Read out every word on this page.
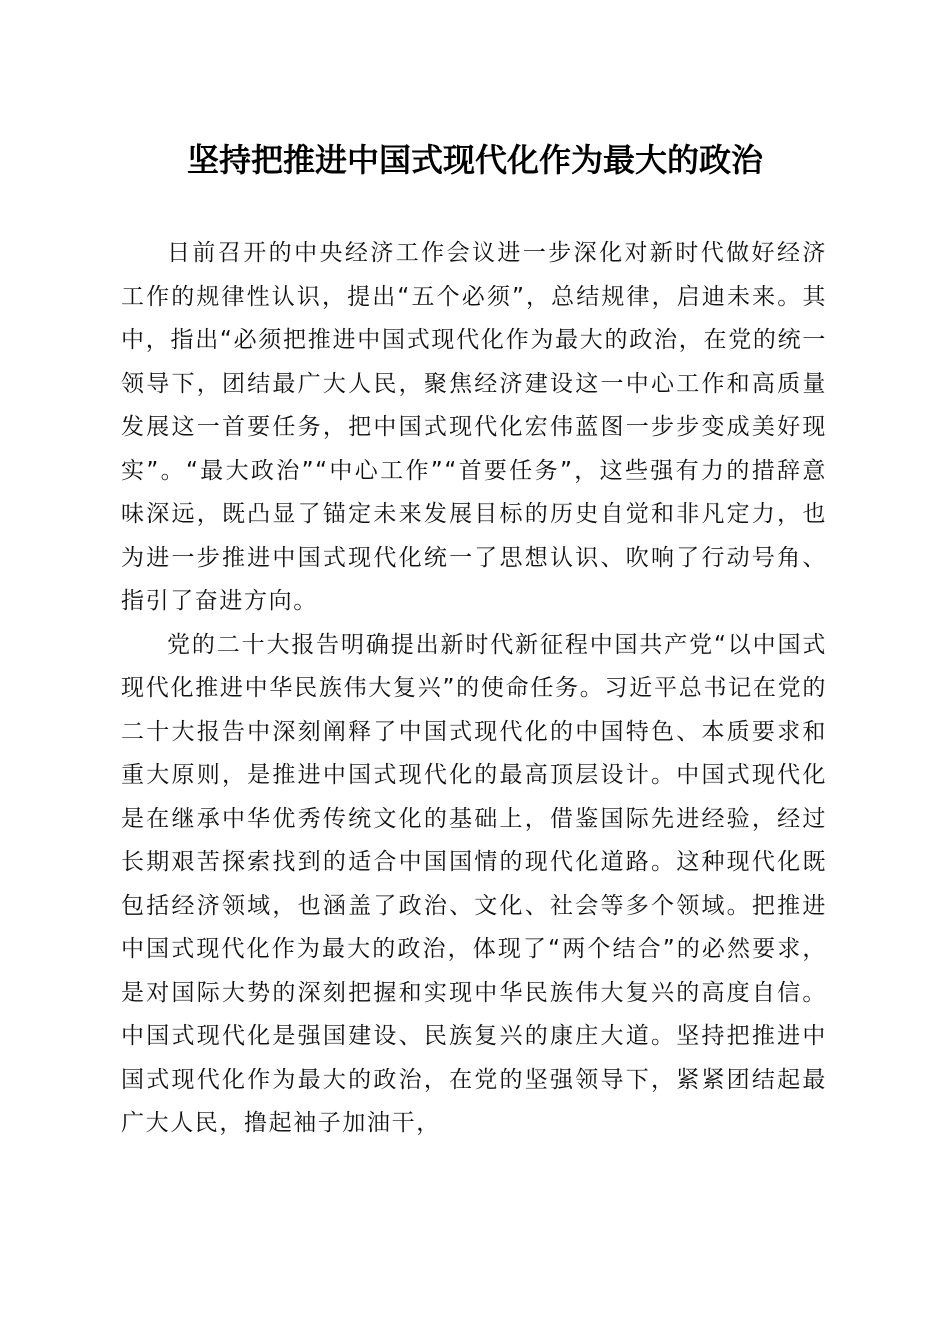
坚持把推进中国式现代化作为最大的政治

日前召开的中央经济工作会议进一步深化对新时代做好经济工作的规律性认识，提出“五个必须”，总结规律，启迪未来。其中，指出“必须把推进中国式现代化作为最大的政治，在党的统一领导下，团结最广大人民，聚焦经济建设这一中心工作和高质量发展这一首要任务，把中国式现代化宏伟蓝图一步步变成美好现实”。“最大政治”“中心工作”“首要任务”，这些强有力的措辞意味深远，既凸显了锚定未来发展目标的历史自觉和非凡定力，也为进一步推进中国式现代化统一了思想认识、吹响了行动号角、指引了奋进方向。

党的二十大报告明确提出新时代新征程中国共产党“以中国式现代化推进中华民族伟大复兴”的使命任务。习近平总书记在党的二十大报告中深刻阐释了中国式现代化的中国特色、本质要求和重大原则，是推进中国式现代化的最高顶层设计。中国式现代化是在继承中华优秀传统文化的基础上，借鉴国际先进经验，经过长期艰苦探索找到的适合中国国情的现代化道路。这种现代化既包括经济领域，也涵盖了政治、文化、社会等多个领域。把推进中国式现代化作为最大的政治，体现了“两个结合”的必然要求，是对国际大势的深刻把握和实现中华民族伟大复兴的高度自信。中国式现代化是强国建设、民族复兴的康庄大道。坚持把推进中国式现代化作为最大的政治，在党的坚强领导下，紧紧团结起最广大人民，撸起袖子加油干，
